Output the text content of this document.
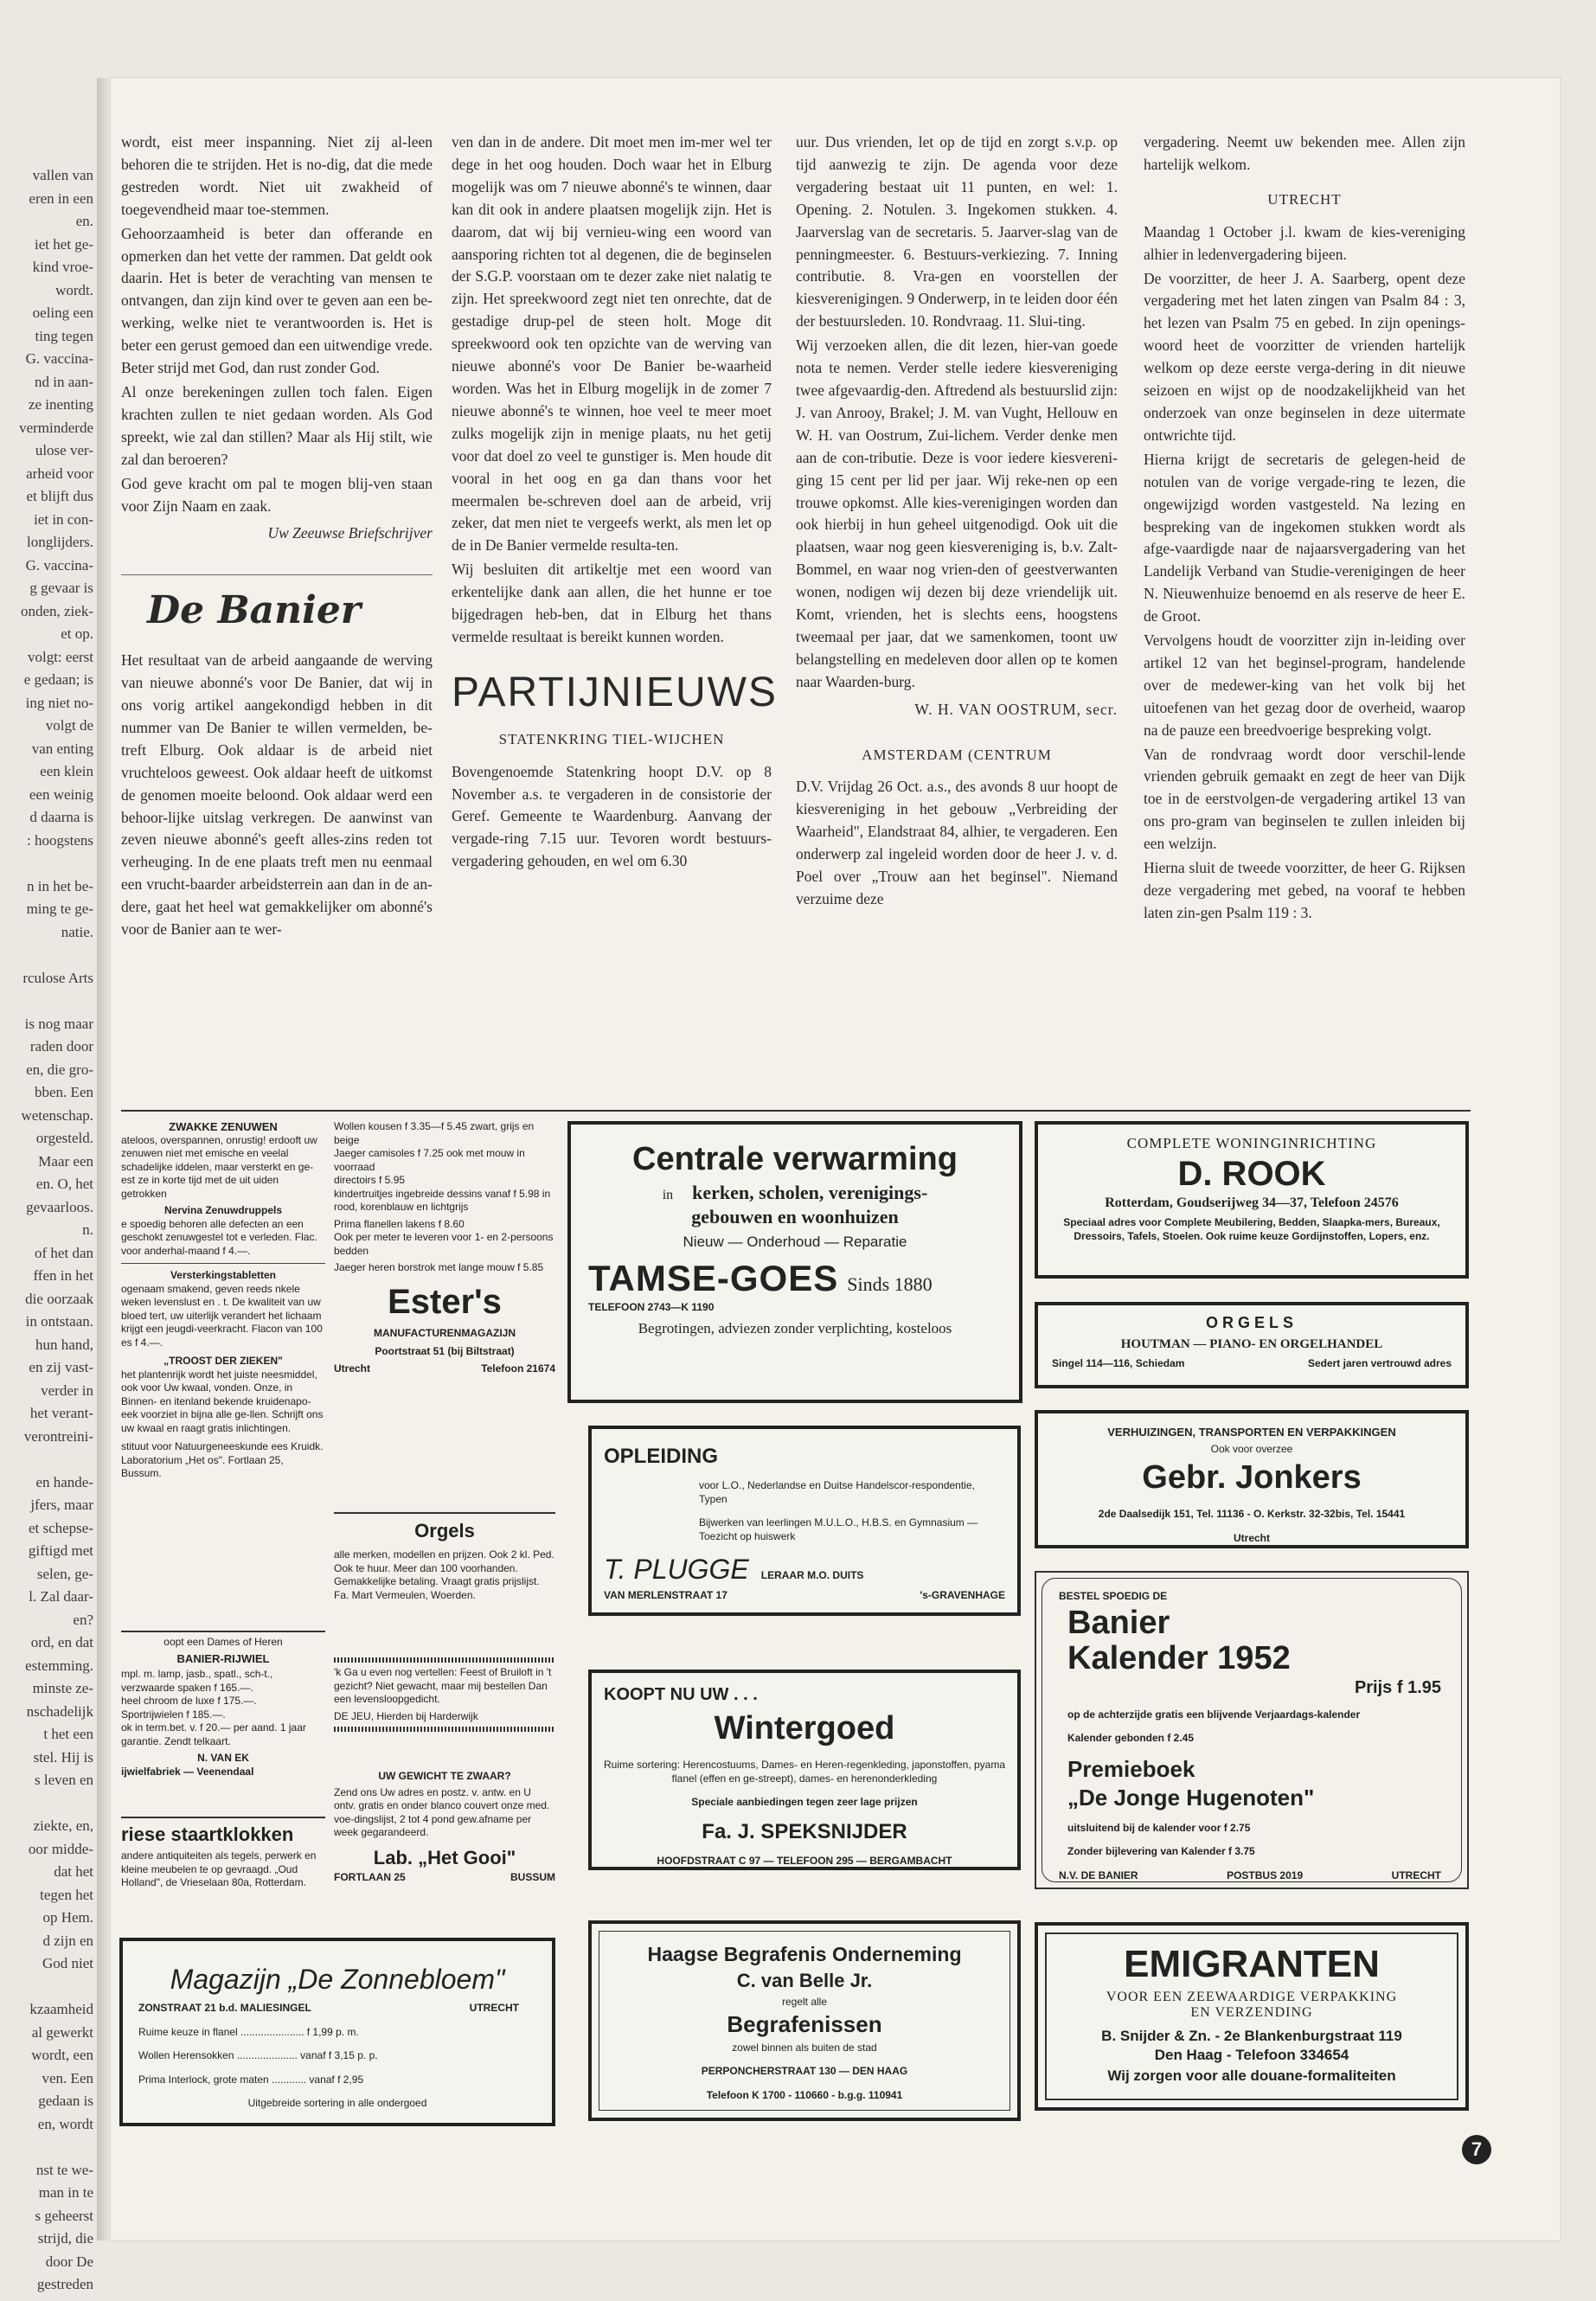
vallen van
eren in een
en.
iet het ge-
kind vroe-
wordt.
oeling een
ting tegen
G. vaccina-
nd in aan-
ze inenting
verminderde
ulose ver-
arheid voor
et blijft dus
iet in con-
longlijders.
G. vaccina-
g gevaar is
onden, ziek-
et op.
volgt: eerst
e gedaan; is
ing niet no-
volgt de
van enting
een klein
een weinig
d daarna is
: hoogstens
n in het be-
ming te ge-
natie.
rculose Arts
is nog maar
raden door
en, die gro-
bben. Een
wetenschap.
orgesteld.
Maar een
en. O, het
gevaarloos.
n.
of het dan
ffen in het
die oorzaak
in ontstaan.
hun hand,
en zij vast-
verder in
het verant-
verontreini-
en hande-
jfers, maar
et schepse-
giftigd met
selen, ge-
l. Zal daar-
en?
ord, en dat
estemming.
minste ze-
nschadelijk
t het een
stel. Hij is
s leven en
ziekte, en,
oor midde-
dat het
tegen het
op Hem.
d zijn en
God niet
kzaamheid
al gewerkt
wordt, een
ven. Een
gedaan is
en, wordt
nst te we-
man in te
s geheerst
strijd, die
door De
gestreden

wordt, eist meer inspanning. Niet zij al-leen behoren die te strijden. Het is no-dig, dat die mede gestreden wordt. Niet uit zwakheid of toegevendheid maar toe-stemmen.

Gehoorzaamheid is beter dan offerande en opmerken dan het vette der rammen. Dat geldt ook daarin. Het is beter de verachting van mensen te ontvangen, dan zijn kind over te geven aan een be-werking, welke niet te verantwoorden is. Het is beter een gerust gemoed dan een uitwendige vrede. Beter strijd met God, dan rust zonder God.

Al onze berekeningen zullen toch falen. Eigen krachten zullen te niet gedaan worden. Als God spreekt, wie zal dan stillen? Maar als Hij stilt, wie zal dan beroeren?

God geve kracht om pal te mogen blij-ven staan voor Zijn Naam en zaak.

Uw Zeeuwse Briefschrijver

De Banier

Het resultaat van de arbeid aangaande de werving van nieuwe abonné's voor De Banier, dat wij in ons vorig artikel aangekondigd hebben in dit nummer van De Banier te willen vermelden, be-treft Elburg. Ook aldaar is de arbeid niet vruchteloos geweest. Ook aldaar heeft de uitkomst de genomen moeite beloond. Ook aldaar werd een behoor-lijke uitslag verkregen. De aanwinst van zeven nieuwe abonné's geeft alles-zins reden tot verheuging. In de ene plaats treft men nu eenmaal een vrucht-baarder arbeidsterrein aan dan in de an-dere, gaat het heel wat gemakkelijker om abonné's voor de Banier aan te wer-

ven dan in de andere. Dit moet men im-mer wel ter dege in het oog houden. Doch waar het in Elburg mogelijk was om 7 nieuwe abonné's te winnen, daar kan dit ook in andere plaatsen mogelijk zijn. Het is daarom, dat wij bij vernieu-wing een woord van aansporing richten tot al degenen, die de beginselen der S.G.P. voorstaan om te dezer zake niet nalatig te zijn. Het spreekwoord zegt niet ten onrechte, dat de gestadige drup-pel de steen holt. Moge dit spreekwoord ook ten opzichte van de werving van nieuwe abonné's voor De Banier be-waarheid worden. Was het in Elburg mogelijk in de zomer 7 nieuwe abonné's te winnen, hoe veel te meer moet zulks mogelijk zijn in menige plaats, nu het getij voor dat doel zo veel te gunstiger is. Men houde dit vooral in het oog en ga dan thans voor het meermalen be-schreven doel aan de arbeid, vrij zeker, dat men niet te vergeefs werkt, als men let op de in De Banier vermelde resulta-ten.

Wij besluiten dit artikeltje met een woord van erkentelijke dank aan allen, die het hunne er toe bijgedragen heb-ben, dat in Elburg het thans vermelde resultaat is bereikt kunnen worden.

PARTIJNIEUWS

STATENKRING TIEL-WIJCHEN

Bovengenoemde Statenkring hoopt D.V. op 8 November a.s. te vergaderen in de consistorie der Geref. Gemeente te Waardenburg. Aanvang der vergade-ring 7.15 uur. Tevoren wordt bestuurs-vergadering gehouden, en wel om 6.30

uur. Dus vrienden, let op de tijd en zorgt s.v.p. op tijd aanwezig te zijn. De agenda voor deze vergadering bestaat uit 11 punten, en wel: 1. Opening. 2. Notulen. 3. Ingekomen stukken. 4. Jaarverslag van de secretaris. 5. Jaarver-slag van de penningmeester. 6. Bestuurs-verkiezing. 7. Inning contributie. 8. Vra-gen en voorstellen der kiesverenigingen. 9 Onderwerp, in te leiden door één der bestuursleden. 10. Rondvraag. 11. Slui-ting.

Wij verzoeken allen, die dit lezen, hier-van goede nota te nemen. Verder stelle iedere kiesvereniging twee afgevaardig-den. Aftredend als bestuurslid zijn: J. van Anrooy, Brakel; J. M. van Vught, Hellouw en W. H. van Oostrum, Zui-lichem. Verder denke men aan de con-tributie. Deze is voor iedere kiesvereni-ging 15 cent per lid per jaar. Wij reke-nen op een trouwe opkomst. Alle kies-verenigingen worden dan ook hierbij in hun geheel uitgenodigd. Ook uit die plaatsen, waar nog geen kiesvereniging is, b.v. Zalt-Bommel, en waar nog vrien-den of geestverwanten wonen, nodigen wij dezen bij deze vriendelijk uit. Komt, vrienden, het is slechts eens, hoogstens tweemaal per jaar, dat we samenkomen, toont uw belangstelling en medeleven door allen op te komen naar Waarden-burg.

W. H. VAN OOSTRUM, secr.

AMSTERDAM (CENTRUM

D.V. Vrijdag 26 Oct. a.s., des avonds 8 uur hoopt de kiesvereniging in het gebouw „Verbreiding der Waarheid", Elandstraat 84, alhier, te vergaderen. Een onderwerp zal ingeleid worden door de heer J. v. d. Poel over „Trouw aan het beginsel". Niemand verzuime deze

vergadering. Neemt uw bekenden mee. Allen zijn hartelijk welkom.

UTRECHT

Maandag 1 October j.l. kwam de kies-vereniging alhier in ledenvergadering bijeen.

De voorzitter, de heer J. A. Saarberg, opent deze vergadering met het laten zingen van Psalm 84 : 3, het lezen van Psalm 75 en gebed. In zijn openings-woord heet de voorzitter de vrienden hartelijk welkom op deze eerste verga-dering in dit nieuwe seizoen en wijst op de noodzakelijkheid van het onderzoek van onze beginselen in deze uitermate ontwrichte tijd.

Hierna krijgt de secretaris de gelegen-heid de notulen van de vorige vergade-ring te lezen, die ongewijzigd worden vastgesteld. Na lezing en bespreking van de ingekomen stukken wordt als afge-vaardigde naar de najaarsvergadering van het Landelijk Verband van Studie-verenigingen de heer N. Nieuwenhuize benoemd en als reserve de heer E. de Groot.

Vervolgens houdt de voorzitter zijn in-leiding over artikel 12 van het beginsel-program, handelende over de medewer-king van het volk bij het uitoefenen van het gezag door de overheid, waarop na de pauze een breedvoerige bespreking volgt.

Van de rondvraag wordt door verschil-lende vrienden gebruik gemaakt en zegt de heer van Dijk toe in de eerstvolgen-de vergadering artikel 13 van ons pro-gram van beginselen te zullen inleiden bij een welzijn.

Hierna sluit de tweede voorzitter, de heer G. Rijksen deze vergadering met gebed, na vooraf te hebben laten zin-gen Psalm 119 : 3.

ZWAKKE ZENUWEN

ateloos, overspannen, onrustig! erdooft uw zenuwen niet met emische en veelal schadelijke iddelen, maar versterkt en ge-est ze in korte tijd met de uit uiden getrokken

Nervina Zenuwdruppels

e spoedig behoren alle defecten an een geschokt zenuwgestel tot e verleden. Flac. voor anderhal-maand f 4.—.

Versterkingstabletten

ogenaam smakend, geven reeds nkele weken levenslust en . t. De kwaliteit van uw bloed tert, uw uiterlijk verandert het lichaam krijgt een jeugdi-veerkracht. Flacon van 100 es f 4.—.

„TROOST DER ZIEKEN"

het plantenrijk wordt het juiste neesmiddel, ook voor Uw kwaal, vonden. Onze, in Binnen- en itenland bekende kruidenapo-eek voorziet in bijna alle ge-llen. Schrijft ons uw kwaal en raagt gratis inlichtingen.

stituut voor Natuurgeneeskunde ees Kruidk. Laboratorium „Het os". Fortlaan 25, Bussum.

oopt een Dames of Heren

BANIER-RIJWIEL

mpl. m. lamp, jasb., spatl., sch-t., verzwaarde spaken f 165.—.

heel chroom de luxe f 175.—.

Sportrijwielen f 185.—.

ok in term.bet. v. f 20.— per aand. 1 jaar garantie. Zendt telkaart.

N. VAN EK

ijwielfabriek — Veenendaal

riese staartklokken

andere antiquiteiten als tegels, perwerk en kleine meubelen te op gevraagd. „Oud Holland", de Vrieselaan 80a, Rotterdam.

Wollen kousen f 3.35—f 5.45 zwart, grijs en beige

Jaeger camisoles f 7.25 ook met mouw in voorraad

directoirs f 5.95

kindertruitjes ingebreide dessins vanaf f 5.98 in rood, korenblauw en lichtgrijs

Prima flanellen lakens f 8.60

Ook per meter te leveren voor 1- en 2-persoons bedden

Jaeger heren borstrok met lange mouw f 5.85

Ester's

MANUFACTURENMAGAZIJN

Poortstraat 51 (bij Biltstraat)

Utrecht	Telefoon 21674

Orgels

alle merken, modellen en prijzen. Ook 2 kl. Ped. Ook te huur. Meer dan 100 voorhanden. Gemakkelijke betaling. Vraagt gratis prijslijst. Fa. Mart Vermeulen, Woerden.

'k Ga u even nog vertellen: Feest of Bruiloft in 't gezicht? Niet gewacht, maar mij bestellen Dan een levensloopgedicht.

DE JEU, Hierden bij Harderwijk

UW GEWICHT TE ZWAAR?

Zend ons Uw adres en postz. v. antw. en U ontv. gratis en onder blanco couvert onze med. voe-dingslijst, 2 tot 4 pond gew.afname per week gegarandeerd.

Lab. „Het Gooi"

FORTLAAN 25	BUSSUM

Magazijn „De Zonnebloem"

ZONSTRAAT 21 b.d. MALIESINGEL	UTRECHT

Ruime keuze in flanel ...................... f 1,99 p. m.

Wollen Herensokken ..................... vanaf f 3,15 p. p.

Prima Interlock, grote maten ............ vanaf f 2,95

Uitgebreide sortering in alle ondergoed

Centrale verwarming

in kerken, scholen, verenigings-

gebouwen en woonhuizen

Nieuw — Onderhoud — Reparatie

TAMSE-GOES Sinds 1880

TELEFOON 2743—K 1190

Begrotingen, adviezen zonder verplichting, kosteloos

OPLEIDING

voor L.O., Nederlandse en Duitse Handelscor-respondentie, Typen

Bijwerken van leerlingen M.U.L.O., H.B.S. en Gymnasium — Toezicht op huiswerk

T. PLUGGE LERAAR M.O. DUITS

VAN MERLENSTRAAT 17	's-GRAVENHAGE

KOOPT NU UW . . .

Wintergoed

Ruime sortering: Herencostuums, Dames- en Heren-regenkleding, japonstoffen, pyama flanel (effen en ge-streept), dames- en herenonderkleding

Speciale aanbiedingen tegen zeer lage prijzen

Fa. J. SPEKSNIJDER

HOOFDSTRAAT C 97 — TELEFOON 295 — BERGAMBACHT

Haagse Begrafenis Onderneming

C. van Belle Jr.

regelt alle

Begrafenissen

zowel binnen als buiten de stad

PERPONCHERSTRAAT 130 — DEN HAAG

Telefoon K 1700 - 110660 - b.g.g. 110941

COMPLETE WONINGINRICHTING

D. ROOK

Rotterdam, Goudserijweg 34—37, Telefoon 24576

Speciaal adres voor Complete Meubilering, Bedden, Slaapka-mers, Bureaux, Dressoirs, Tafels, Stoelen. Ook ruime keuze Gordijnstoffen, Lopers, enz.

ORGELS

HOUTMAN — PIANO- EN ORGELHANDEL

Singel 114—116, Schiedam	Sedert jaren vertrouwd adres

VERHUIZINGEN, TRANSPORTEN EN VERPAKKINGEN

Ook voor overzee

Gebr. Jonkers

2de Daalsedijk 151, Tel. 11136 - O. Kerkstr. 32-32bis, Tel. 15441

Utrecht

BESTEL SPOEDIG DE

Banier

Kalender 1952

Prijs f 1.95

op de achterzijde gratis een blijvende Verjaardags-kalender

Kalender gebonden f 2.45

Premieboek

„De Jonge Hugenoten"

uitsluitend bij de kalender voor f 2.75

Zonder bijlevering van Kalender f 3.75

N.V. DE BANIER	POSTBUS 2019	UTRECHT

EMIGRANTEN

VOOR EEN ZEEWAARDIGE VERPAKKING

EN VERZENDING

B. Snijder & Zn. - 2e Blankenburgstraat 119

Den Haag - Telefoon 334654

Wij zorgen voor alle douane-formaliteiten

7
